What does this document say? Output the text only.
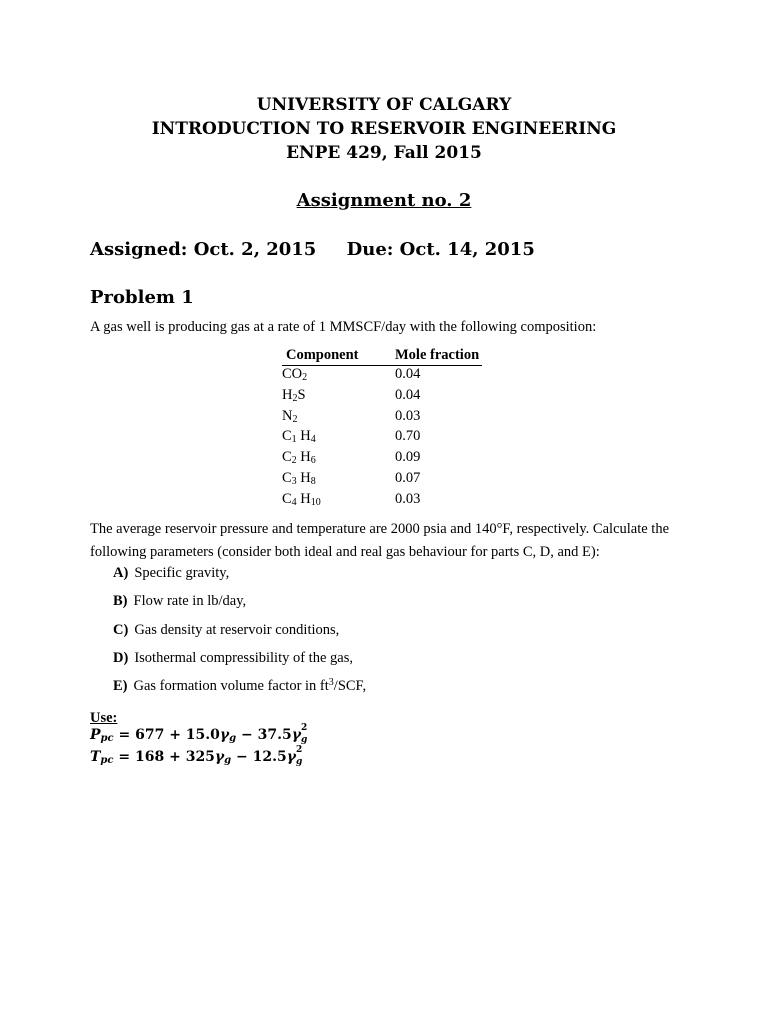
UNIVERSITY OF CALGARY
INTRODUCTION TO RESERVOIR ENGINEERING
ENPE 429, Fall 2015
Assignment no. 2
Assigned: Oct. 2, 2015 Due: Oct. 14, 2015
Problem 1
A gas well is producing gas at a rate of 1 MMSCF/day with the following composition:
Component	Mole fraction
$CO_2$	0.04
$H_2S$	0.04
$N_2$	0.03
$C_1$ $H_4$	0.70
$C_2$ $H_6$	0.09
$C_3$ $H_8$	0.07
$C_4$ $H_{10}$	0.03
The average reservoir pressure and temperature are 2000 psia and 140°F, respectively. Calculate the following parameters (consider both ideal and real gas behaviour for parts C, D, and E):
A) Specific gravity,
B) Flow rate in lb/day,
C) Gas density at reservoir conditions,
D) Isothermal compressibility of the gas,
E) Gas formation volume factor in $ft^3$/SCF,
Use:
$P_{pc} = 677 + 15.0\gamma_g - 37.5\gamma$ 2
g
$T_{pc} = 168 + 325\gamma_g - 12.5\gamma$ 2
g
